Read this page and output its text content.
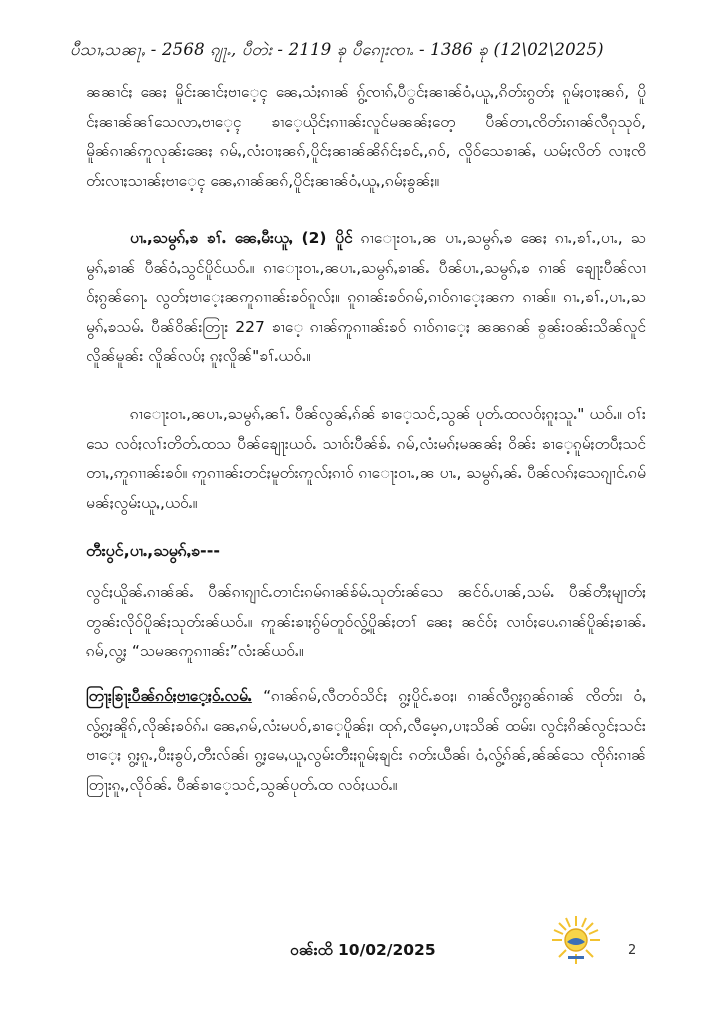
ပီသၢႇသၼႃႇ - 2568 ၵျႃႉ, ပီတဲး - 2119 ၶု ပီၵေႃးၸၢႉ - 1386 ၶု (12\02\2025)

ၼၼၢင်ႏ ၼေႏ မိူင်းၼၢင်ႏဗၢေ့ၚ ၼေႇသံႏၵၢၼ် ၵွ့်ၸၢၵ်ႇပီွင်ႏၼၢၼ်ဝံႇယူႇ,ၵိတ်းၵွတ်ႏ ၵူမ်ႏဝၢႏၼၵ်, ပိူင်ႏၼၢၼ်ၼၢ်သေလာႇဗၢေ့ၚ ၶၢေ့ယိုင်ႏၵၢၢၼ်းလူင်မၼၼ်ႏတေ့ ပီၼ်တၢႇၸိတ်းၵၢၼ်လီၵုသုဝ်, မိူၼ်ၵၢၼ်ဢူလုၼ်းၼေႏ ၵမ်ႇ,လံးဝၢႏၼၵ်,ပိူင်ႏၼၢၼ်ၼိၵ်င်ႏၶင်ႇ,ၵဝ်, လိူဝ်သေၶၢၼ်ႇ ယမ်ႏလိတ် လၢႏၸိတ်းလၢႏသၢၼ်ႏဗၢေ့ၚ ၼေႇၵၢၼ်ၼၵ်,ပိူင်ႏၼၢၼ်ဝံႇယူႇ,ၵမ်ႏၶွၼ်ႏ။

ပၢႉ,ႀမွၵ်ႇၶ ၶၢ်ႉ ၼေႇမီးယူႇ (2) ပိူင် ၵၢေႃးဝၢႉ,ၼ ပၢႉ,ႀမွၵ်ႇၶ ၼေႏ ၵၢႉ,ၶၢ်ႉ,ပၢႉ, ႀမွၵ်ႇၶၢၼ် ပီၼ်ဝံႇသွင်ပိူင်ယဝ်ႉ။ ၵၢေႃးဝၢႉ,ၼပၢႉ,ႀမွၵ်ႇၶၢၼ်ႉ ပီၼ်ပၢႉ,ႀမွၵ်ႇၶ ၵၢၼ် ၶျေႃးပီၼ်လၢဝ်ႏၵွၼ်ၵေႃႉ လွတ်ႏဗၢေ့ႏၼဢူၵၢၢၼ်းၶဝ်ၵူလ်ႏ။ ၵူၵၢၼ်းၶဝ်ၵမ်,ၵၢဝ်ၵၢေ့ႏၼဢ ၵၢၼ်။ ၵၢႉ,ၶၢ်ႉ,ပၢႉ,ႀမွၵ်ႇၶသမ်ႉ ပီၼ်ဝိၼ်းတြႃး 227 ၶၢေ့ ၵၢၼ်ဢူၵၢၢၼ်းၶဝ် ၵၢဝ်ၵၢေ့ႏ ၼၼၵၼ် ၶ္ၼ်းဝၼ်းသိၼ်လူင် လိူၼ်မူၼ်း လိူၼ်လပ်ႏ ၵူႏလိူၼ်"ၶၢ်ႉယဝ်ႉ။

ၵၢေႃးဝၢႉ,ၼပၢႉ,ႀမွၵ်ႇၼၢ်ႉ ပီၼ်လွၼ်ႇၵ်ၼ် ၶၢေ့သင်,သွၼ် ပုတ်ႉထလဝ်ႏၵူႏသူႉ" ယဝ်ႉ။ ဝၢ်းသေ လဝ်ႏလၢ်းတိတ်ႉထသ ပီၼ်ၶျေႃးယဝ်ႉ သၢဝ်းပီၼ်ၶ်ႉ ၵမ်,လံးမၵ်ႏမၼၼ်ႏ ဝိၼ်း ၶၢေ့ၵူမ်ႏတပဵႏသင် တၢႇ,ဢူၵၢၢၼ်းၶဝ်။ ဢူၵၢၢၼ်းတင်ႏမူတ်းဢူလ်ႏၵၢဝ် ၵၢေႃးဝၢႉ,ၼ ပၢႉ, ႀမွၵ်ႇၼ်ႉ ပီၼ်လၵ်ႏသေၵျၢင်ႉၵမ်မၼ်ႏလွမ်းယူႇ,ယဝ်ႉ။

တီးပွင်,ပၢႉ,ႀမွၵ်ႇၶ---

လွင်ႏယိူၼ်ႉၵၢၼ်ၼ်ႉ ပီၼ်ၵၢၵျၢင်ႉတၢင်းၵမ်ၵၢၼ်ၶ်မ်ႉသုတ်းၼ်သေ ၼင်ဝ်ႉပၢၼ်,သမ်ႉ ပီၼ်တီႏမျၢတ်ႏတွၼ်းလိုဝ်ပိူၼ်ႏသုတ်းၼ်ယဝ်ႉ။ ဢူၼ်းၶၢႏၵွ်မ်တူဝ်လွ့်ပိူၼ်ႏတၢ် ၼေႏ ၼင်ဝ်ႏ လၢဝ်ႏပေႉၵၢၼ်ပိူၼ်ႏၶၢၼ်ႉ ၵမ်,လွ့ႏ “သမၼဢူၵၢၢၼ်း”လံးၼ်ယဝ်ႉ။

တြႃးၶြႃးပီၼ်ၵဝ်ႏဗၢေ့ႏဝ်ႉလမ်ႉ “ၵၢၼ်ၵမ်,လီတဝ်သိင်ႏ ၵွ့ႏပိူင်ႉၶဝႏ၊ ၵၢၼ်လီၵွ့ႏၵွၼ်ၵၢၼ် ၸိတ်း၊ ဝံႇလွ့်ၵွ့ႏၼိူၵ်,လိုၼ်ႏၶဝ်ၵ်ႉ၊ ၼေႇၵမ်,လံးမပဝ်,ၶၢေ့ပိူၼ်ႏ၊ ထုၵ်,လီမေ့ၵ,ပၢႏသိၼ် ထမ်း၊ လွင်ႏၵိၼ်လွင်ႏသင်းဗၢေ့ႏ ၵွ့ႏၵူႉ,ပီးႏၶွပ်,တီးလ်ၼ်၊ ၵွ့ႏမေႇယူႇလွမ်းတီးႏၵူမ်ႏၶျင်း ၵတ်းယီၼ်၊ ဝံႇလွ့်ၵ်ၼ်,ၼ်ၼ်သေ ၸိုၵ်းၵၢၼ်တြႃးၵူႇ,လိုဝ်ၼ်ႉ ပီၼ်ၶၢေ့သင်,သွၼ်ပုတ်ႉထ လဝ်ႏယဝ်ႉ။

ဝၼ်းထိ 10/02/2025	2
